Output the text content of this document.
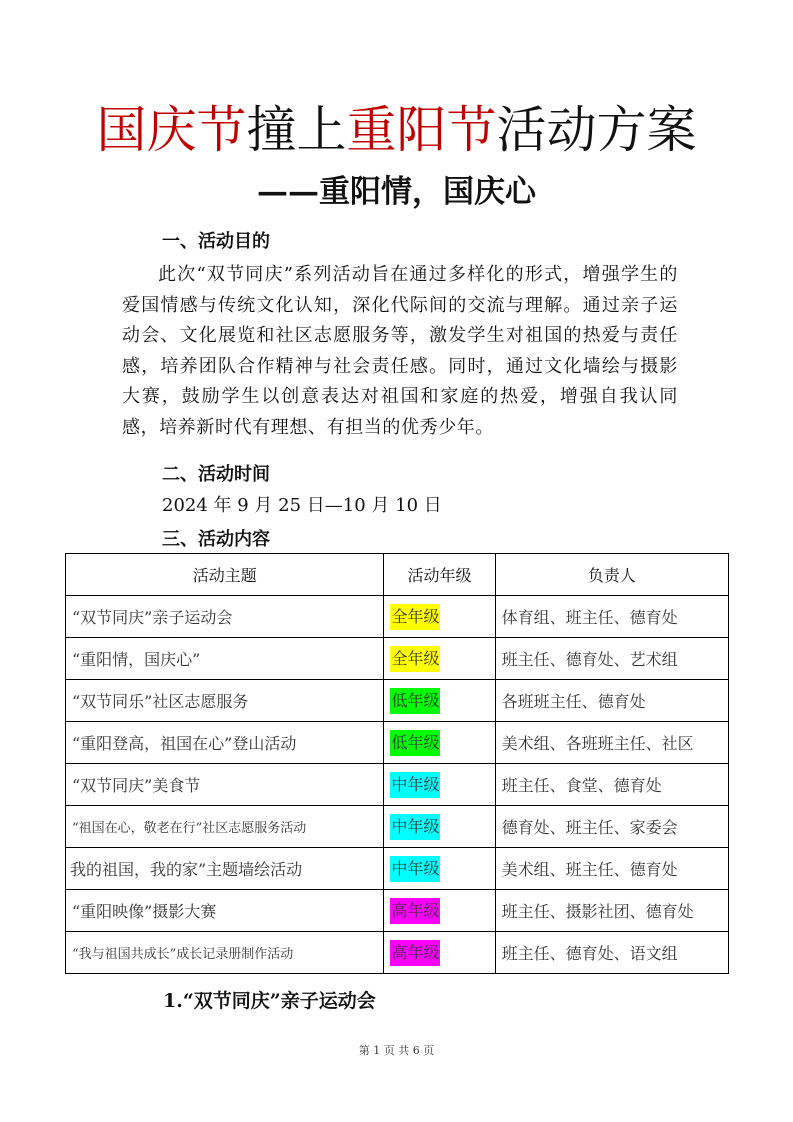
国庆节撞上重阳节活动方案
——重阳情，国庆心
一、活动目的

此次“双节同庆”系列活动旨在通过多样化的形式，增强学生的爱国情感与传统文化认知，深化代际间的交流与理解。通过亲子运动会、文化展览和社区志愿服务等，激发学生对祖国的热爱与责任感，培养团队合作精神与社会责任感。同时，通过文化墙绘与摄影大赛，鼓励学生以创意表达对祖国和家庭的热爱，增强自我认同感，培养新时代有理想、有担当的优秀少年。

二、活动时间
2024 年 9 月 25 日—10 月 10 日
三、活动内容
活动主题	活动年级	负责人
“双节同庆”亲子运动会	全年级	体育组、班主任、德育处
“重阳情，国庆心”	全年级	班主任、德育处、艺术组
“双节同乐”社区志愿服务	低年级	各班班主任、德育处
“重阳登高，祖国在心”登山活动	低年级	美术组、各班班主任、社区
“双节同庆”美食节	中年级	班主任、食堂、德育处
“祖国在心，敬老在行”社区志愿服务活动	中年级	德育处、班主任、家委会
我的祖国，我的家”主题墙绘活动	中年级	美术组、班主任、德育处
“重阳映像”摄影大赛	高年级	班主任、摄影社团、德育处
“我与祖国共成长”成长记录册制作活动	高年级	班主任、德育处、语文组
1.“双节同庆”亲子运动会
第 1 页 共 6 页
